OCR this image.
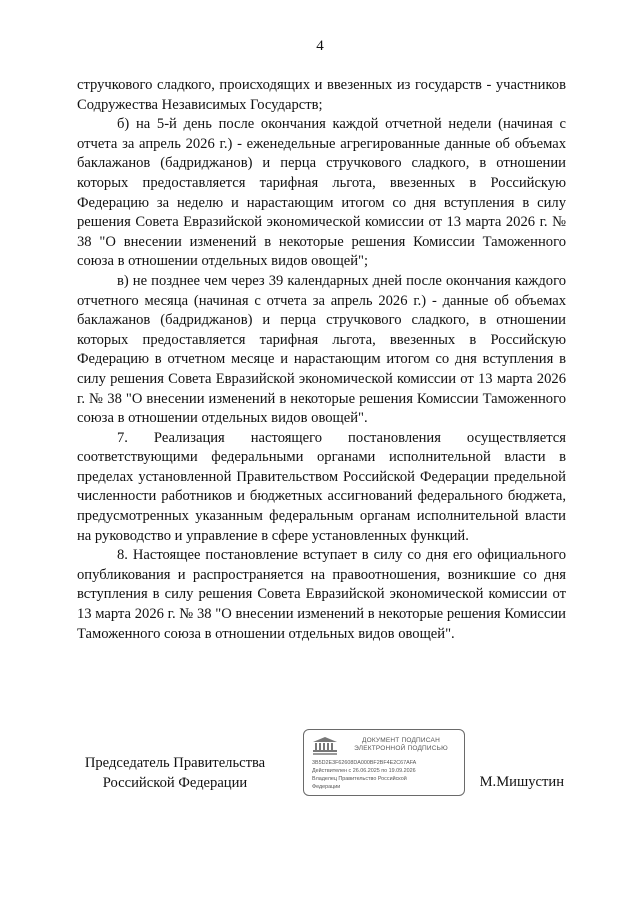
4

стручкового сладкого, происходящих и ввезенных из государств - участников Содружества Независимых Государств;

б) на 5-й день после окончания каждой отчетной недели (начиная с отчета за апрель 2026 г.) - еженедельные агрегированные данные об объемах баклажанов (бадриджанов) и перца стручкового сладкого, в отношении которых предоставляется тарифная льгота, ввезенных в Российскую Федерацию за неделю и нарастающим итогом со дня вступления в силу решения Совета Евразийской экономической комиссии от 13 марта 2026 г. № 38 "О внесении изменений в некоторые решения Комиссии Таможенного союза в отношении отдельных видов овощей";

в) не позднее чем через 39 календарных дней после окончания каждого отчетного месяца (начиная с отчета за апрель 2026 г.) - данные об объемах баклажанов (бадриджанов) и перца стручкового сладкого, в отношении которых предоставляется тарифная льгота, ввезенных в Российскую Федерацию в отчетном месяце и нарастающим итогом со дня вступления в силу решения Совета Евразийской экономической комиссии от 13 марта 2026 г. № 38 "О внесении изменений в некоторые решения Комиссии Таможенного союза в отношении отдельных видов овощей".

7. Реализация настоящего постановления осуществляется соответствующими федеральными органами исполнительной власти в пределах установленной Правительством Российской Федерации предельной численности работников и бюджетных ассигнований федерального бюджета, предусмотренных указанным федеральным органам исполнительной власти на руководство и управление в сфере установленных функций.

8. Настоящее постановление вступает в силу со дня его официального опубликования и распространяется на правоотношения, возникшие со дня вступления в силу решения Совета Евразийской экономической комиссии от 13 марта 2026 г. № 38 "О внесении изменений в некоторые решения Комиссии Таможенного союза в отношении отдельных видов овощей".

Председатель Правительства
Российской Федерации
ДОКУМЕНТ ПОДПИСАН
ЭЛЕКТРОННОЙ ПОДПИСЬЮ
3B5D2E3F62608DA000BF2BF4E2C67AFA
Действителен с 26.06.2025 по 19.09.2026
Владелец Правительство Российской
Федерации	М.Мишустин
